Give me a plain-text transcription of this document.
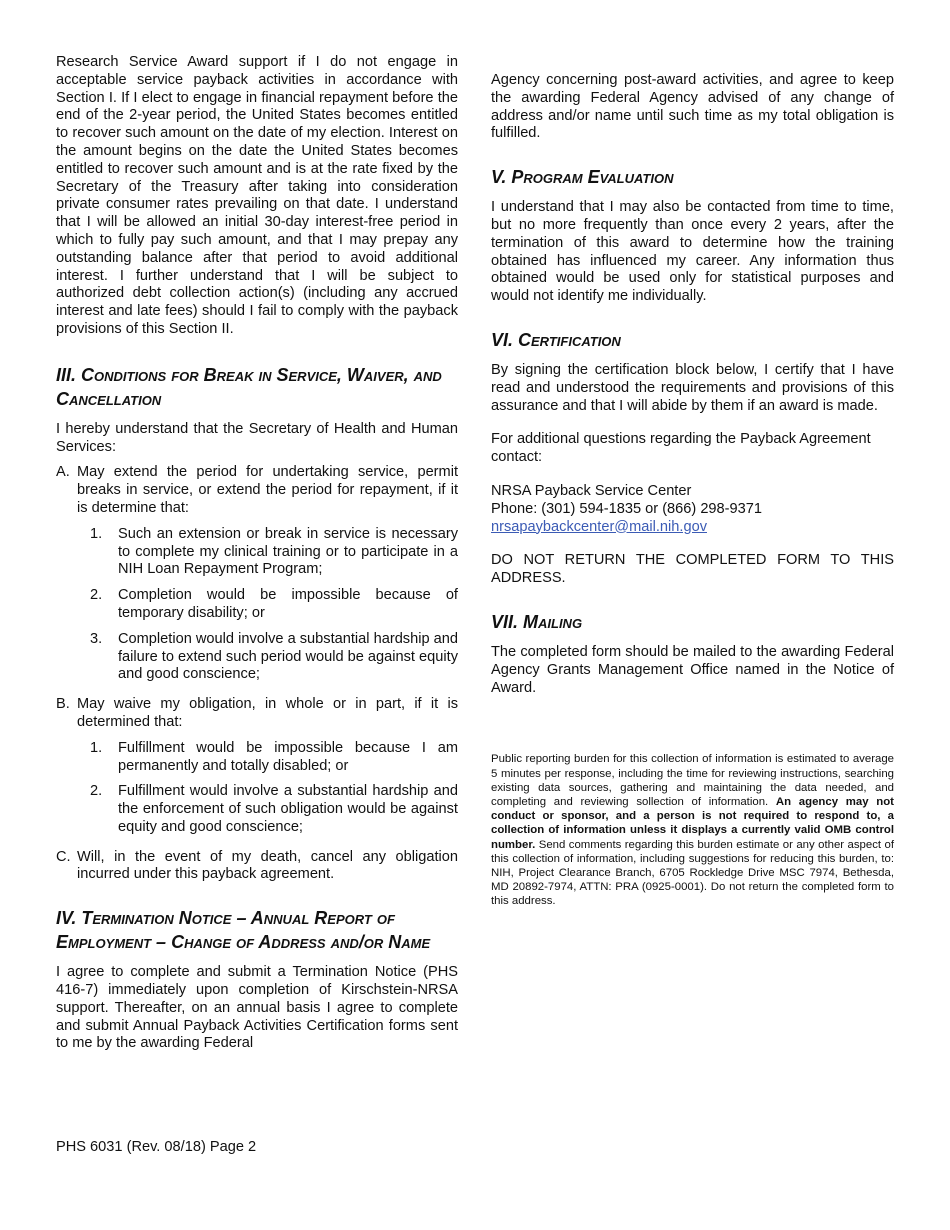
Research Service Award support if I do not engage in acceptable service payback activities in accordance with Section I. If I elect to engage in financial repayment before the end of the 2-year period, the United States becomes entitled to recover such amount on the date of my election. Interest on the amount begins on the date the United States becomes entitled to recover such amount and is at the rate fixed by the Secretary of the Treasury after taking into consideration private consumer rates prevailing on that date. I understand that I will be allowed an initial 30-day interest-free period in which to fully pay such amount, and that I may prepay any outstanding balance after that period to avoid additional interest. I further understand that I will be subject to authorized debt collection action(s) (including any accrued interest and late fees) should I fail to comply with the payback provisions of this Section II.

III. Conditions for Break in Service, Waiver, and Cancellation

I hereby understand that the Secretary of Health and Human Services:

A. May extend the period for undertaking service, permit breaks in service, or extend the period for repayment, if it is determine that:
1. Such an extension or break in service is necessary to complete my clinical training or to participate in a NIH Loan Repayment Program;
2. Completion would be impossible because of temporary disability; or
3. Completion would involve a substantial hardship and failure to extend such period would be against equity and good conscience;
B. May waive my obligation, in whole or in part, if it is determined that:
1. Fulfillment would be impossible because I am permanently and totally disabled; or
2. Fulfillment would involve a substantial hardship and the enforcement of such obligation would be against equity and good conscience;
C. Will, in the event of my death, cancel any obligation incurred under this payback agreement.
IV. Termination Notice – Annual Report of Employment – Change of Address and/or Name

I agree to complete and submit a Termination Notice (PHS 416-7) immediately upon completion of Kirschstein-NRSA support. Thereafter, on an annual basis I agree to complete and submit Annual Payback Activities Certification forms sent to me by the awarding Federal

Agency concerning post-award activities, and agree to keep the awarding Federal Agency advised of any change of address and/or name until such time as my total obligation is fulfilled.

V. Program Evaluation

I understand that I may also be contacted from time to time, but no more frequently than once every 2 years, after the termination of this award to determine how the training obtained has influenced my career. Any information thus obtained would be used only for statistical purposes and would not identify me individually.

VI. Certification

By signing the certification block below, I certify that I have read and understood the requirements and provisions of this assurance and that I will abide by them if an award is made.

For additional questions regarding the Payback Agreement contact:

NRSA Payback Service Center

Phone: (301) 594-1835 or (866) 298-9371

nrsapaybackcenter@mail.nih.gov

DO NOT RETURN THE COMPLETED FORM TO THIS ADDRESS.

VII. Mailing

The completed form should be mailed to the awarding Federal Agency Grants Management Office named in the Notice of Award.

Public reporting burden for this collection of information is estimated to average 5 minutes per response, including the time for reviewing instructions, searching existing data sources, gathering and maintaining the data needed, and completing and reviewing sollection of information. An agency may not conduct or sponsor, and a person is not required to respond to, a collection of information unless it displays a currently valid OMB control number. Send comments regarding this burden estimate or any other aspect of this collection of information, including suggestions for reducing this burden, to: NIH, Project Clearance Branch, 6705 Rockledge Drive MSC 7974, Bethesda, MD 20892-7974, ATTN: PRA (0925-0001). Do not return the completed form to this address.

PHS 6031 (Rev. 08/18) Page 2
